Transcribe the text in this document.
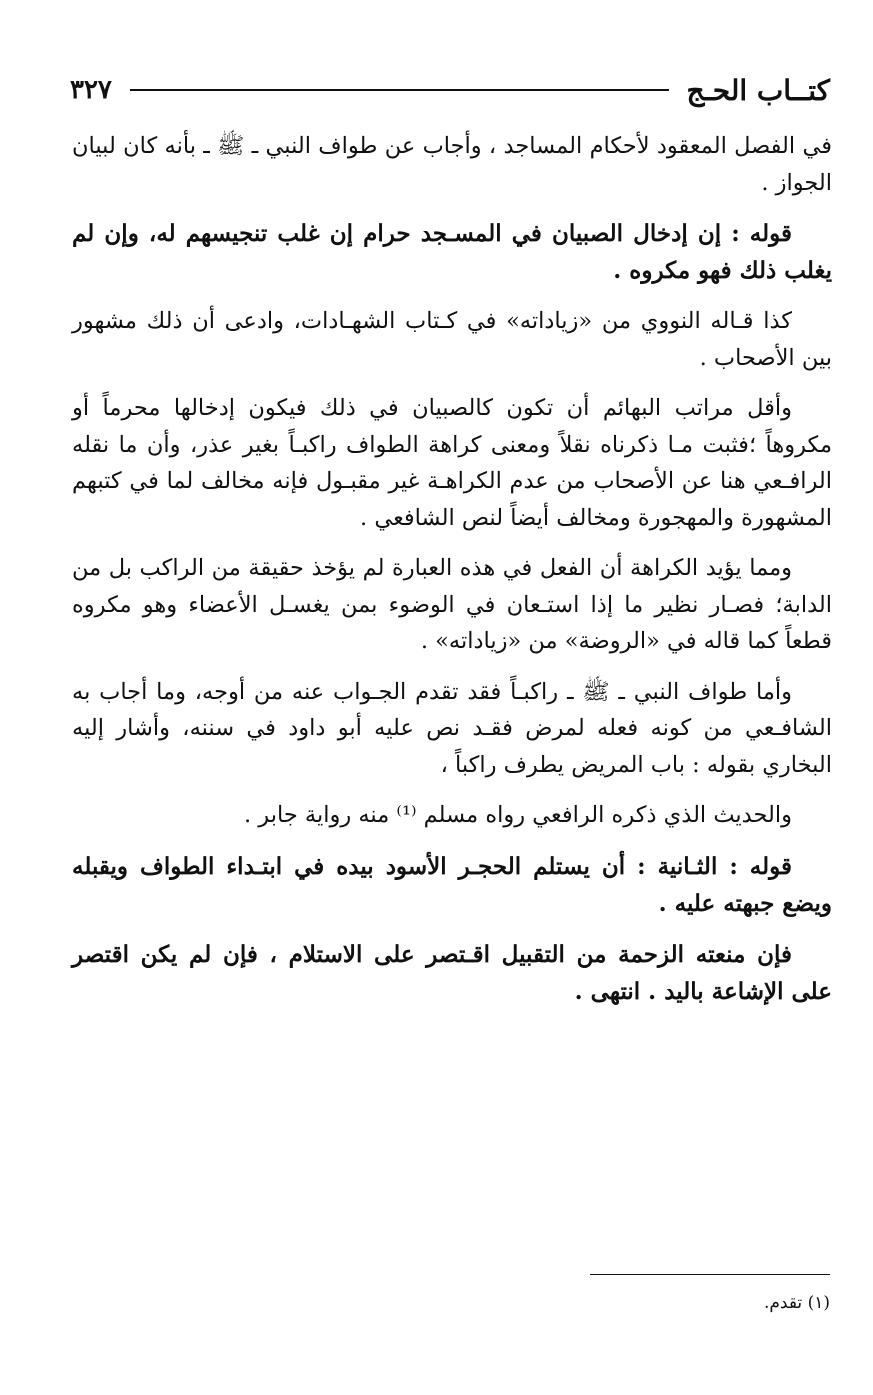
كتــاب الحـج
٣٢٧

في الفصل المعقود لأحكام المساجد ، وأجاب عن طواف النبي ـ ﷺ ـ بأنه كان لبيان الجواز .

قوله : إن إدخال الصبيان في المسـجد حرام إن غلب تنجيسهم له، وإن لم يغلب ذلك فهو مكروه .

كذا قـاله النووي من «زياداته» في كـتاب الشهـادات، وادعى أن ذلك مشهور بين الأصحاب .

وأقل مراتب البهائم أن تكون كالصبيان في ذلك فيكون إدخالها محرماً أو مكروهاً ؛فثبت مـا ذكرناه نقلاً ومعنى كراهة الطواف راكبـاً بغير عذر، وأن ما نقله الرافـعي هنا عن الأصحاب من عدم الكراهـة غير مقبـول فإنه مخالف لما في كتبهم المشهورة والمهجورة ومخالف أيضاً لنص الشافعي .

ومما يؤيد الكراهة أن الفعل في هذه العبارة لم يؤخذ حقيقة من الراكب بل من الدابة؛ فصـار نظير ما إذا استـعان في الوضوء بمن يغسـل الأعضاء وهو مكروه قطعاً كما قاله في «الروضة» من «زياداته» .

وأما طواف النبي ـ ﷺ ـ راكبـاً فقد تقدم الجـواب عنه من أوجه، وما أجاب به الشافـعي من كونه فعله لمرض فقـد نص عليه أبو داود في سننه، وأشار إليه البخاري بقوله : باب المريض يطرف راكباً ،

والحديث الذي ذكره الرافعي رواه مسلم ⁽¹⁾ منه رواية جابر .

قوله : الثـانية : أن يستلم الحجـر الأسود بيده في ابتـداء الطواف ويقبله ويضع جبهته عليه .

فإن منعته الزحمة من التقبيل اقـتصر على الاستلام ، فإن لم يكن اقتصر على الإشاعة باليد . انتهى .

(١) تقدم.
